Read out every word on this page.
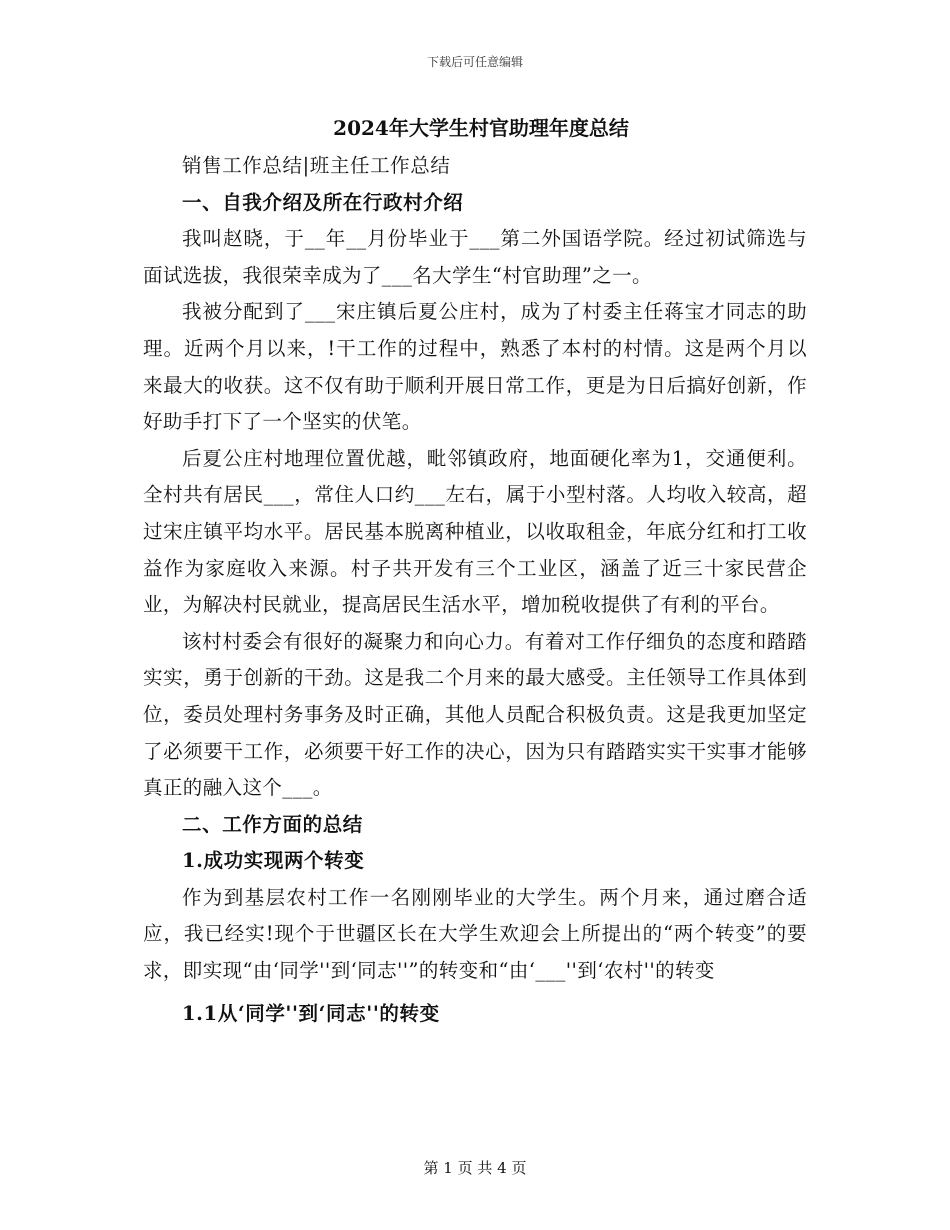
下载后可任意编辑
2024年大学生村官助理年度总结
销售工作总结|班主任工作总结
一、自我介绍及所在行政村介绍
我叫赵晓，于__年__月份毕业于___第二外国语学院。经过初试筛选与面试选拔，我很荣幸成为了___名大学生“村官助理”之一。
我被分配到了___宋庄镇后夏公庄村，成为了村委主任蒋宝才同志的助理。近两个月以来，!干工作的过程中，熟悉了本村的村情。这是两个月以来最大的收获。这不仅有助于顺利开展日常工作，更是为日后搞好创新，作好助手打下了一个坚实的伏笔。
后夏公庄村地理位置优越，毗邻镇政府，地面硬化率为1，交通便利。全村共有居民___，常住人口约___左右，属于小型村落。人均收入较高，超过宋庄镇平均水平。居民基本脱离种植业，以收取租金，年底分红和打工收益作为家庭收入来源。村子共开发有三个工业区，涵盖了近三十家民营企业，为解决村民就业，提高居民生活水平，增加税收提供了有利的平台。
该村村委会有很好的凝聚力和向心力。有着对工作仔细负的态度和踏踏实实，勇于创新的干劲。这是我二个月来的最大感受。主任领导工作具体到位，委员处理村务事务及时正确，其他人员配合积极负责。这是我更加坚定了必须要干工作，必须要干好工作的决心，因为只有踏踏实实干实事才能够真正的融入这个___。
二、工作方面的总结
1.成功实现两个转变
作为到基层农村工作一名刚刚毕业的大学生。两个月来，通过磨合适应，我已经实!现个于世疆区长在大学生欢迎会上所提出的“两个转变”的要求，即实现“由‘同学''到‘同志''”的转变和“由‘___''到‘农村''的转变
1.1从‘同学''到‘同志''的转变
第 1 页 共 4 页
